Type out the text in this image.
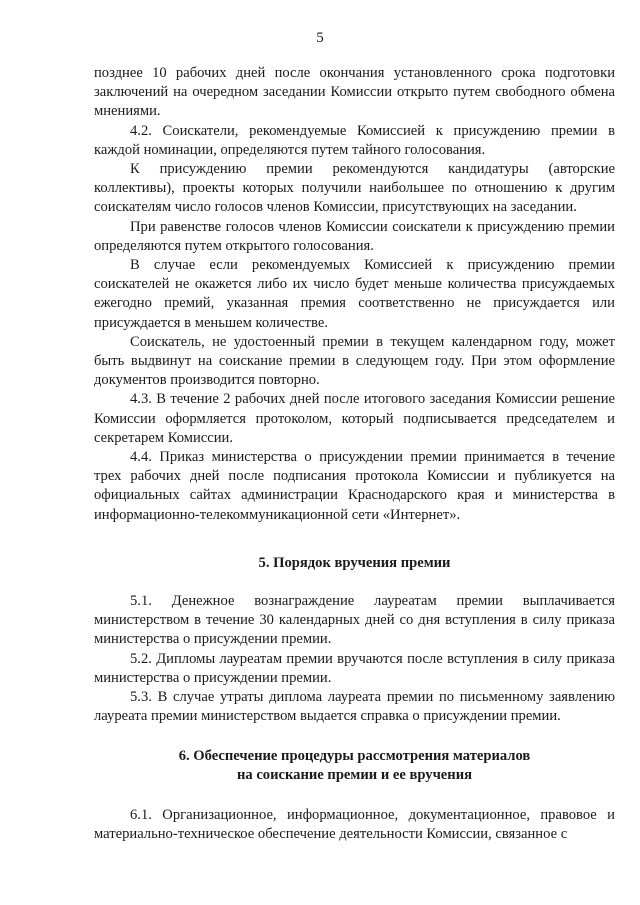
5

позднее 10 рабочих дней после окончания установленного срока подготовки заключений на очередном заседании Комиссии открыто путем свободного обмена мнениями.

4.2. Соискатели, рекомендуемые Комиссией к присуждению премии в каждой номинации, определяются путем тайного голосования.

К присуждению премии рекомендуются кандидатуры (авторские коллективы), проекты которых получили наибольшее по отношению к другим соискателям число голосов членов Комиссии, присутствующих на заседании.

При равенстве голосов членов Комиссии соискатели к присуждению премии определяются путем открытого голосования.

В случае если рекомендуемых Комиссией к присуждению премии соискателей не окажется либо их число будет меньше количества присуждаемых ежегодно премий, указанная премия соответственно не присуждается или присуждается в меньшем количестве.

Соискатель, не удостоенный премии в текущем календарном году, может быть выдвинут на соискание премии в следующем году. При этом оформление документов производится повторно.

4.3. В течение 2 рабочих дней после итогового заседания Комиссии решение Комиссии оформляется протоколом, который подписывается председателем и секретарем Комиссии.

4.4. Приказ министерства о присуждении премии принимается в течение трех рабочих дней после подписания протокола Комиссии и публикуется на официальных сайтах администрации Краснодарского края и министерства в информационно-телекоммуникационной сети «Интернет».

5. Порядок вручения премии

5.1. Денежное вознаграждение лауреатам премии выплачивается министерством в течение 30 календарных дней со дня вступления в силу приказа министерства о присуждении премии.

5.2. Дипломы лауреатам премии вручаются после вступления в силу приказа министерства о присуждении премии.

5.3. В случае утраты диплома лауреата премии по письменному заявлению лауреата премии министерством выдается справка о присуждении премии.

6. Обеспечение процедуры рассмотрения материалов
на соискание премии и ее вручения

6.1. Организационное, информационное, документационное, правовое и материально-техническое обеспечение деятельности Комиссии, связанное с
